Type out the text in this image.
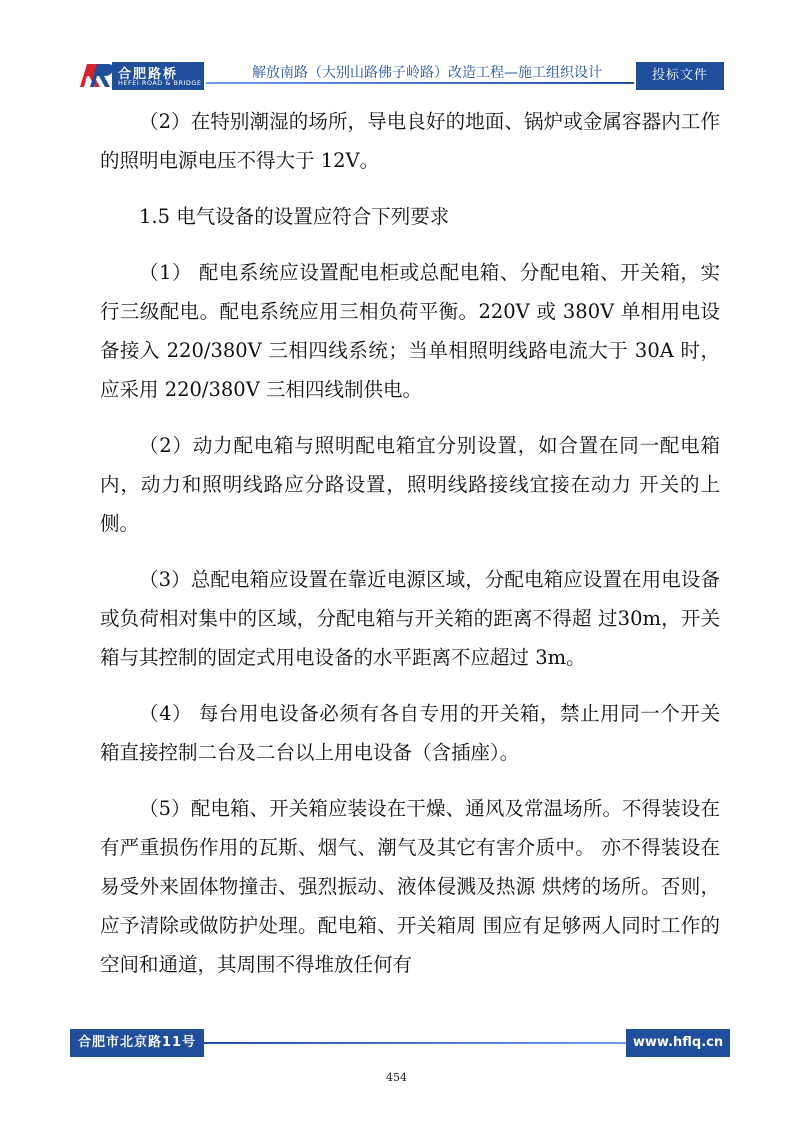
合肥路桥
HEFEI ROAD & BRIDGE
解放南路（大别山路佛子岭路）改造工程—施工组织设计	投标文件

（2）在特别潮湿的场所，导电良好的地面、锅炉或金属容器内工作的照明电源电压不得大于 12V。

1.5 电气设备的设置应符合下列要求

（1） 配电系统应设置配电柜或总配电箱、分配电箱、开关箱，实行三级配电。配电系统应用三相负荷平衡。220V 或 380V 单相用电设备接入 220/380V 三相四线系统；当单相照明线路电流大于 30A 时，应采用 220/380V 三相四线制供电。

（2）动力配电箱与照明配电箱宜分别设置，如合置在同一配电箱内，动力和照明线路应分路设置，照明线路接线宜接在动力 开关的上侧。

（3）总配电箱应设置在靠近电源区域，分配电箱应设置在用电设备或负荷相对集中的区域，分配电箱与开关箱的距离不得超 过30m，开关箱与其控制的固定式用电设备的水平距离不应超过 3m。

（4） 每台用电设备必须有各自专用的开关箱，禁止用同一个开关箱直接控制二台及二台以上用电设备（含插座）。

（5）配电箱、开关箱应装设在干燥、通风及常温场所。不得装设在有严重损伤作用的瓦斯、烟气、潮气及其它有害介质中。 亦不得装设在易受外来固体物撞击、强烈振动、液体侵溅及热源 烘烤的场所。否则，应予清除或做防护处理。配电箱、开关箱周 围应有足够两人同时工作的空间和通道，其周围不得堆放任何有

合肥市北京路11号	www.hflq.cn
454
